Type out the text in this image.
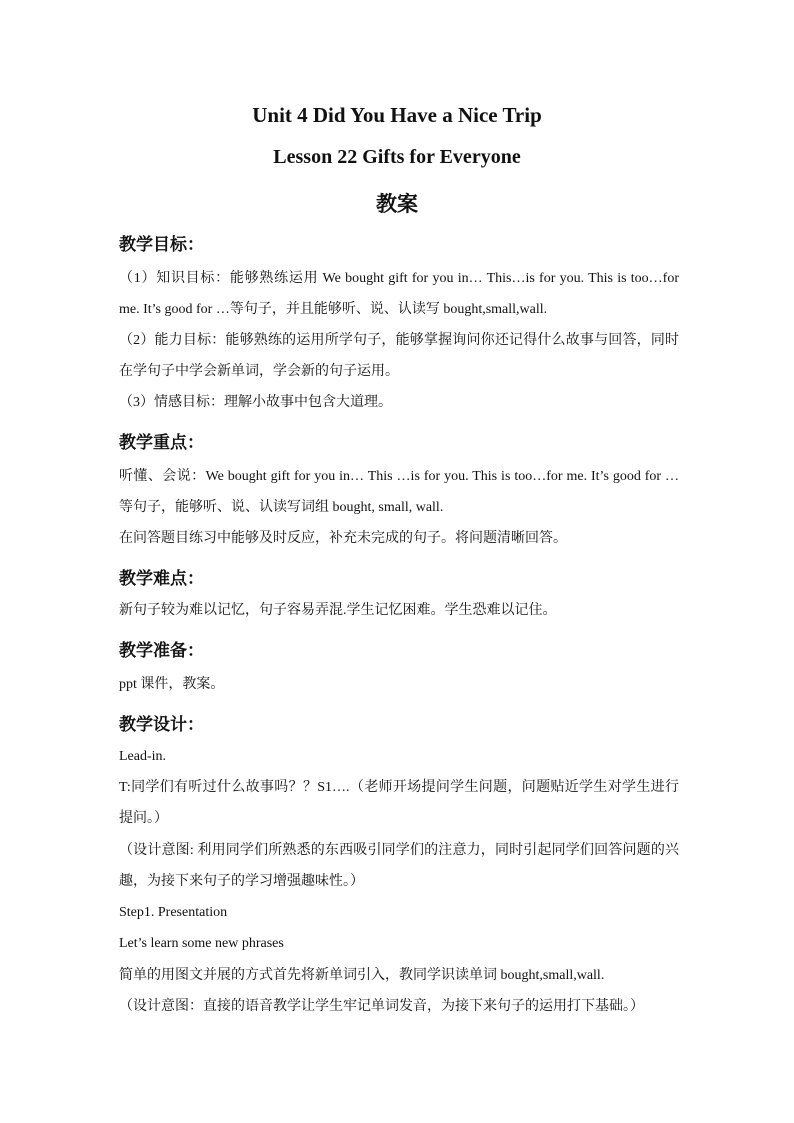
Unit 4 Did You Have a Nice Trip
Lesson 22 Gifts for Everyone
教案
教学目标：

（1）知识目标：能够熟练运用 We bought gift for you in… This…is for you. This is too…for me. It’s good for …等句子，并且能够听、说、认读写 bought,small,wall.

（2）能力目标：能够熟练的运用所学句子，能够掌握询问你还记得什么故事与回答，同时在学句子中学会新单词，学会新的句子运用。

（3）情感目标：理解小故事中包含大道理。

教学重点：

听懂、会说：We bought gift for you in… This …is for you. This is too…for me. It’s good for …等句子，能够听、说、认读写词组 bought, small, wall.

在问答题目练习中能够及时反应，补充未完成的句子。将问题清晰回答。

教学难点：

新句子较为难以记忆，句子容易弄混.学生记忆困难。学生恐难以记住。

教学准备：

ppt 课件，教案。

教学设计：

Lead-in.

T:同学们有听过什么故事吗？？S1….（老师开场提问学生问题，问题贴近学生对学生进行提问。）

（设计意图: 利用同学们所熟悉的东西吸引同学们的注意力，同时引起同学们回答问题的兴趣，为接下来句子的学习增强趣味性。）

Step1. Presentation

Let’s learn some new phrases

简单的用图文并展的方式首先将新单词引入，教同学识读单词 bought,small,wall.

（设计意图：直接的语音教学让学生牢记单词发音，为接下来句子的运用打下基础。）
